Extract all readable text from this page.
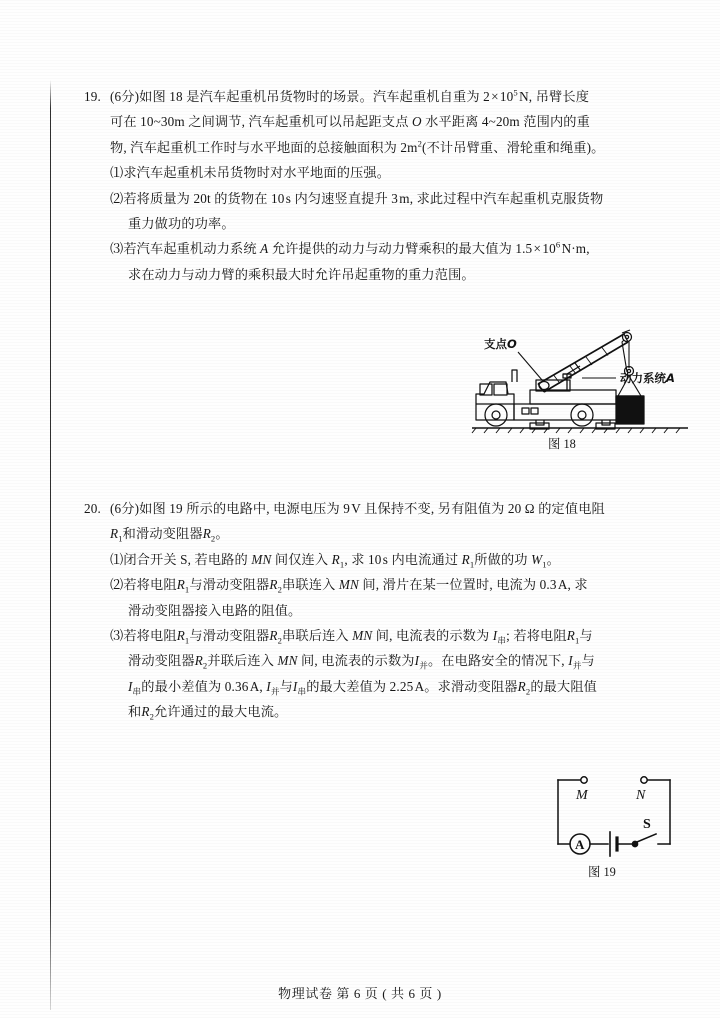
19. (6分)如图 18 是汽车起重机吊货物时的场景。汽车起重机自重为 2 × $10^5$ N, 吊臂长度
可在 10~30m 之间调节, 汽车起重机可以吊起距支点 O 水平距离 4~20m 范围内的重
物, 汽车起重机工作时与水平地面的总接触面积为 $2m^2$(不计吊臂重、滑轮重和绳重)。
⑴求汽车起重机未吊货物时对水平地面的压强。
⑵若将质量为 20t 的货物在 10 s 内匀速竖直提升 3 m, 求此过程中汽车起重机克服货物
重力做功的功率。
⑶若汽车起重机动力系统 A 允许提供的动力与动力臂乘积的最大值为 1.5 × $10^6$ N·m,
求在动力与动力臂的乘积最大时允许吊起重物的重力范围。
支点O
动力系统A
图 18
20. (6分)如图 19 所示的电路中, 电源电压为 9 V 且保持不变, 另有阻值为 20 Ω 的定值电阻
$R_1$和滑动变阻器$R_2$。
⑴闭合开关 S, 若电路的 MN 间仅连入 $R_1$, 求 10 s 内电流通过 $R_1$所做的功 $W_1$。
⑵若将电阻$R_1$与滑动变阻器$R_2$串联连入 MN 间, 滑片在某一位置时, 电流为 0.3 A, 求
滑动变阻器接入电路的阻值。
⑶若将电阻$R_1$与滑动变阻器$R_2$串联后连入 MN 间, 电流表的示数为 $I_串$; 若将电阻$R_1$与
滑动变阻器$R_2$并联后连入 MN 间, 电流表的示数为$I_并$。在电路安全的情况下, $I_并$与
$I_串$的最小差值为 0.36 A, $I_并$与$I_串$的最大差值为 2.25 A。求滑动变阻器$R_2$的最大阻值
和$R_2$允许通过的最大电流。
M	N
S
A
图 19
物理试卷 第 6 页 ( 共 6 页 )
